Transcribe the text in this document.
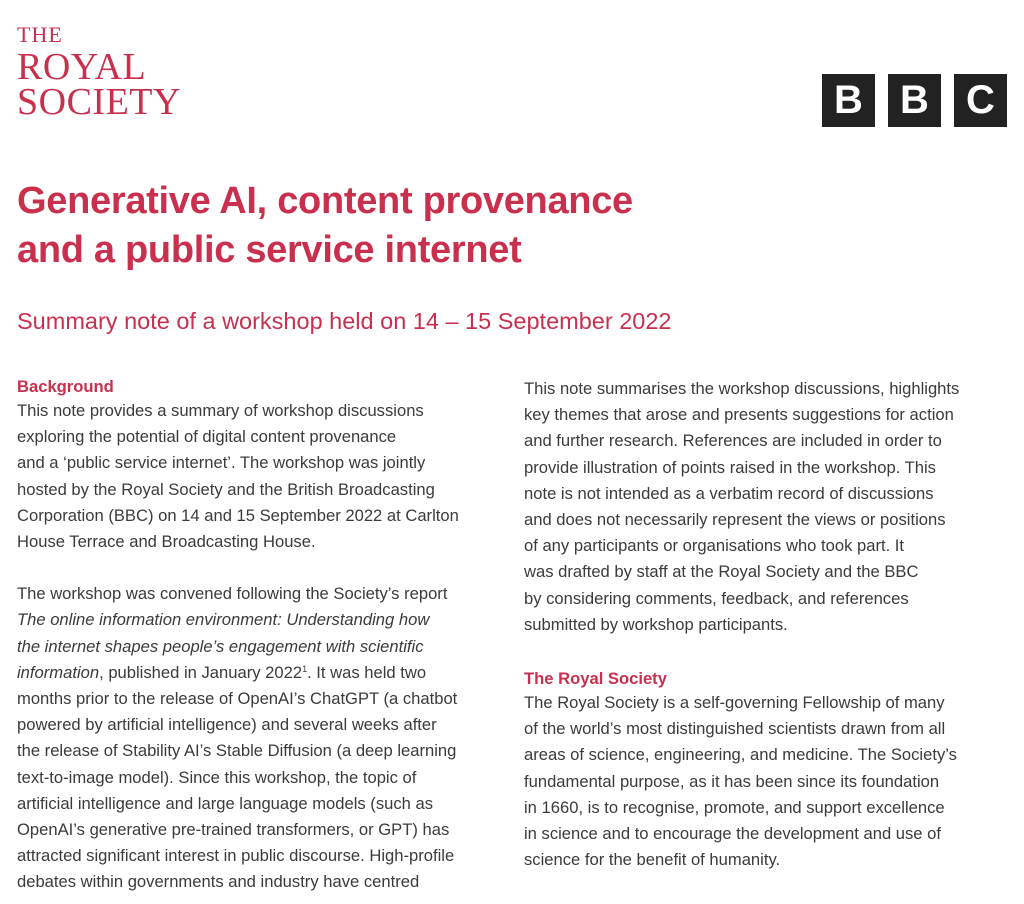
THE
ROYAL
SOCIETY	B B C
Generative AI, content provenance
and a public service internet
Summary note of a workshop held on 14 – 15 September 2022
Background

This note provides a summary of workshop discussions
exploring the potential of digital content provenance
and a ‘public service internet’. The workshop was jointly
hosted by the Royal Society and the British Broadcasting
Corporation (BBC) on 14 and 15 September 2022 at Carlton
House Terrace and Broadcasting House.

The workshop was convened following the Society’s report
The online information environment: Understanding how
the internet shapes people’s engagement with scientific
information, published in January 2022$^1$. It was held two
months prior to the release of OpenAI’s ChatGPT (a chatbot
powered by artificial intelligence) and several weeks after
the release of Stability AI’s Stable Diffusion (a deep learning
text-to-image model). Since this workshop, the topic of
artificial intelligence and large language models (such as
OpenAI’s generative pre-trained transformers, or GPT) has
attracted significant interest in public discourse. High-profile
debates within governments and industry have centred

This note summarises the workshop discussions, highlights
key themes that arose and presents suggestions for action
and further research. References are included in order to
provide illustration of points raised in the workshop. This
note is not intended as a verbatim record of discussions
and does not necessarily represent the views or positions
of any participants or organisations who took part. It
was drafted by staff at the Royal Society and the BBC
by considering comments, feedback, and references
submitted by workshop participants.

The Royal Society

The Royal Society is a self-governing Fellowship of many
of the world’s most distinguished scientists drawn from all
areas of science, engineering, and medicine. The Society’s
fundamental purpose, as it has been since its foundation
in 1660, is to recognise, promote, and support excellence
in science and to encourage the development and use of
science for the benefit of humanity.
